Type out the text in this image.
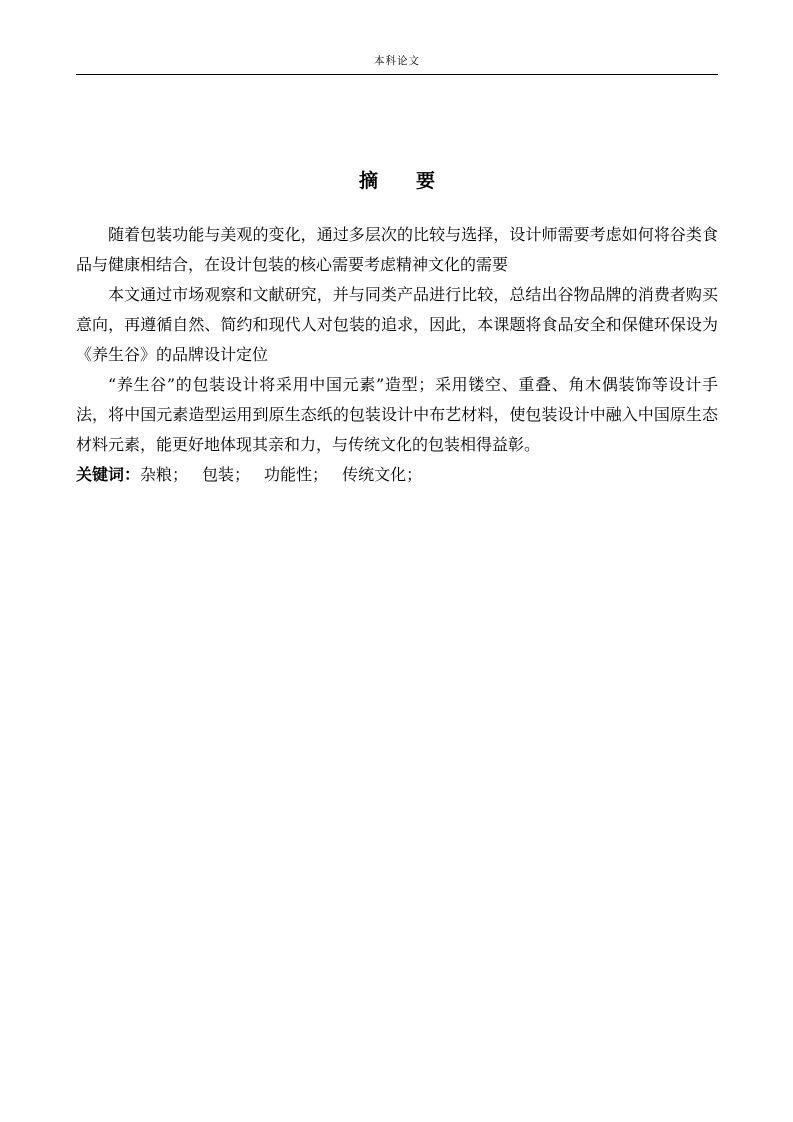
本科论文
摘 要

随着包装功能与美观的变化，通过多层次的比较与选择，设计师需要考虑如何将谷类食品与健康相结合，在设计包装的核心需要考虑精神文化的需要

本文通过市场观察和文献研究，并与同类产品进行比较，总结出谷物品牌的消费者购买意向，再遵循自然、简约和现代人对包装的追求，因此，本课题将食品安全和保健环保设为《养生谷》的品牌设计定位

“养生谷”的包装设计将采用中国元素”造型；采用镂空、重叠、角木偶装饰等设计手法，将中国元素造型运用到原生态纸的包装设计中布艺材料，使包装设计中融入中国原生态材料元素，能更好地体现其亲和力，与传统文化的包装相得益彰。

关键词：杂粮； 包装； 功能性； 传统文化；
